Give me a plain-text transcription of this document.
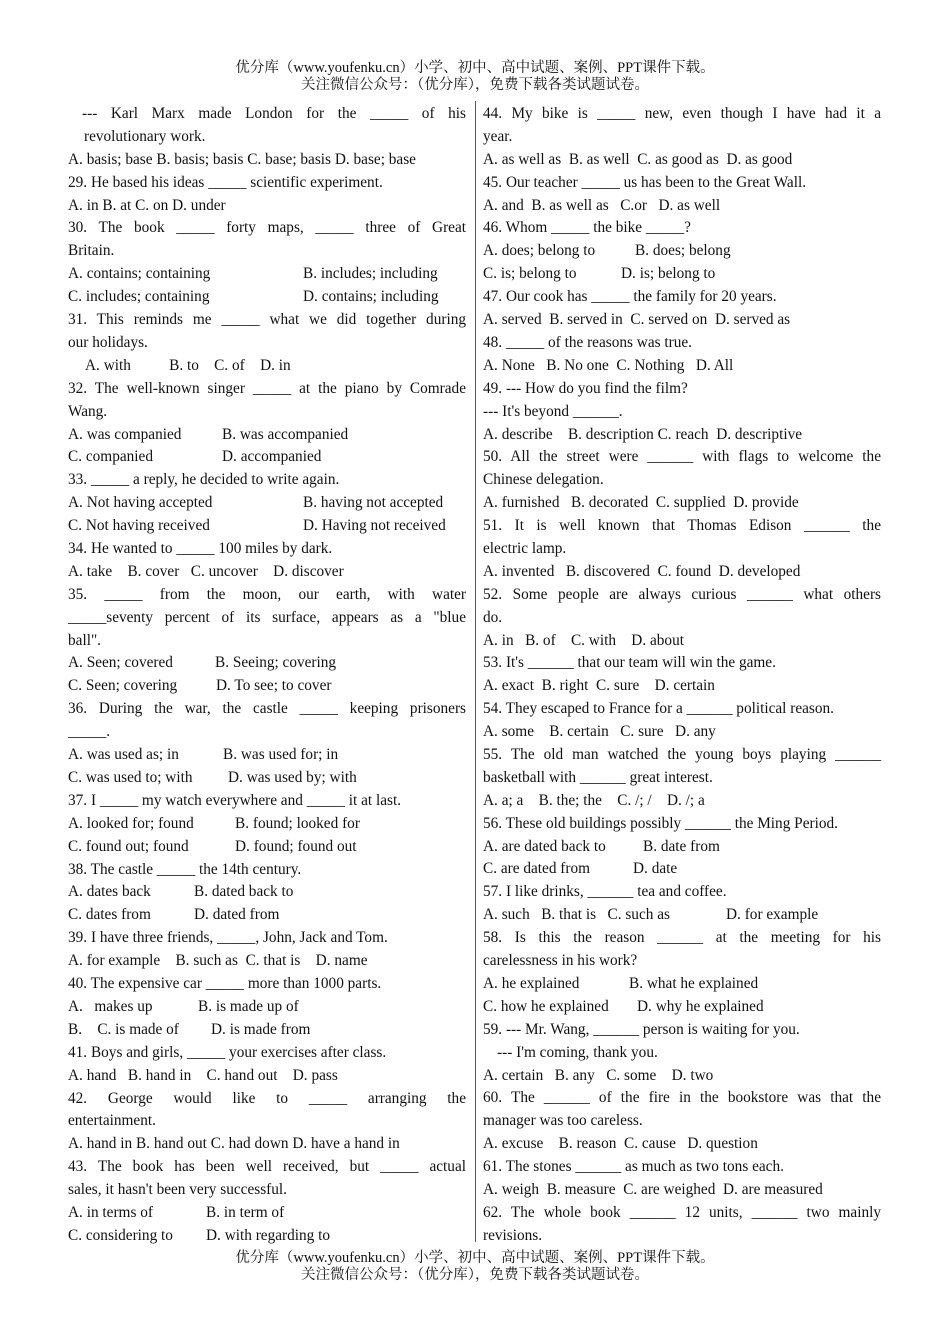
优分库（www.youfenku.cn）小学、初中、高中试题、案例、PPT课件下载。
关注微信公众号：（优分库），免费下载各类试题试卷。
--- Karl Marx made London for the _____ of his
revolutionary work.
A. basis; base B. basis; basis C. base; basis D. base; base
29. He based his ideas _____ scientific experiment.
A. in B. at C. on D. under
30. The book _____ forty maps, _____ three of Great
Britain.
A. contains; containing	B. includes; including
C. includes; containing	D. contains; including
31. This reminds me _____ what we did together during
our holidays.
A. with          B. to    C. of    D. in
32. The well-known singer _____ at the piano by Comrade
Wang.
A. was companied	B. was accompanied
C. companied	D. accompanied
33. _____ a reply, he decided to write again.
A. Not having accepted	B. having not accepted
C. Not having received	D. Having not received
34. He wanted to _____ 100 miles by dark.
A. take    B. cover   C. uncover    D. discover
35. _____ from the moon, our earth, with water
_____seventy percent of its surface, appears as a "blue
ball".
A. Seen; covered	B. Seeing; covering
C. Seen; covering	D. To see; to cover
36. During the war, the castle _____ keeping prisoners
_____.
A. was used as; in	B. was used for; in
C. was used to; with	D. was used by; with
37. I _____ my watch everywhere and _____ it at last.
A. looked for; found	B. found; looked for
C. found out; found	D. found; found out
38. The castle _____ the 14th century.
A. dates back	B. dated back to
C. dates from	D. dated from
39. I have three friends, _____, John, Jack and Tom.
A. for example    B. such as  C. that is    D. name
40. The expensive car _____ more than 1000 parts.
A.   makes up	B. is made up of
B.    C. is made of	D. is made from
41. Boys and girls, _____ your exercises after class.
A. hand   B. hand in    C. hand out    D. pass
42. George would like to _____ arranging the
entertainment.
A. hand in B. hand out C. had down D. have a hand in
43. The book has been well received, but _____ actual
sales, it hasn't been very successful.
A. in terms of	B. in term of
C. considering to	D. with regarding to
44. My bike is _____ new, even though I have had it a
year.
A. as well as  B. as well  C. as good as  D. as good
45. Our teacher _____ us has been to the Great Wall.
A. and  B. as well as   C.or   D. as well
46. Whom _____ the bike _____?
A. does; belong to	B. does; belong
C. is; belong to	D. is; belong to
47. Our cook has _____ the family for 20 years.
A. served  B. served in  C. served on  D. served as
48. _____ of the reasons was true.
A. None   B. No one  C. Nothing   D. All
49. --- How do you find the film?
--- It's beyond ______.
A. describe    B. description C. reach  D. descriptive
50. All the street were ______ with flags to welcome the
Chinese delegation.
A. furnished   B. decorated  C. supplied  D. provide
51. It is well known that Thomas Edison ______ the
electric lamp.
A. invented   B. discovered  C. found  D. developed
52. Some people are always curious ______ what others
do.
A. in   B. of    C. with    D. about
53. It's ______ that our team will win the game.
A. exact  B. right  C. sure    D. certain
54. They escaped to France for a ______ political reason.
A. some    B. certain   C. sure   D. any
55. The old man watched the young boys playing ______
basketball with ______ great interest.
A. a; a    B. the; the    C. /; /    D. /; a
56. These old buildings possibly ______ the Ming Period.
A. are dated back to	B. date from
C. are dated from	D. date
57. I like drinks, ______ tea and coffee.
A. such   B. that is   C. such as	D. for example
58. Is this the reason ______ at the meeting for his
carelessness in his work?
A. he explained	B. what he explained
C. how he explained	D. why he explained
59. --- Mr. Wang, ______ person is waiting for you.
--- I'm coming, thank you.
A. certain   B. any   C. some    D. two
60. The ______ of the fire in the bookstore was that the
manager was too careless.
A. excuse    B. reason  C. cause   D. question
61. The stones ______ as much as two tons each.
A. weigh  B. measure  C. are weighed  D. are measured
62. The whole book ______ 12 units, ______ two mainly
revisions.
优分库（www.youfenku.cn）小学、初中、高中试题、案例、PPT课件下载。
关注微信公众号：（优分库），免费下载各类试题试卷。
